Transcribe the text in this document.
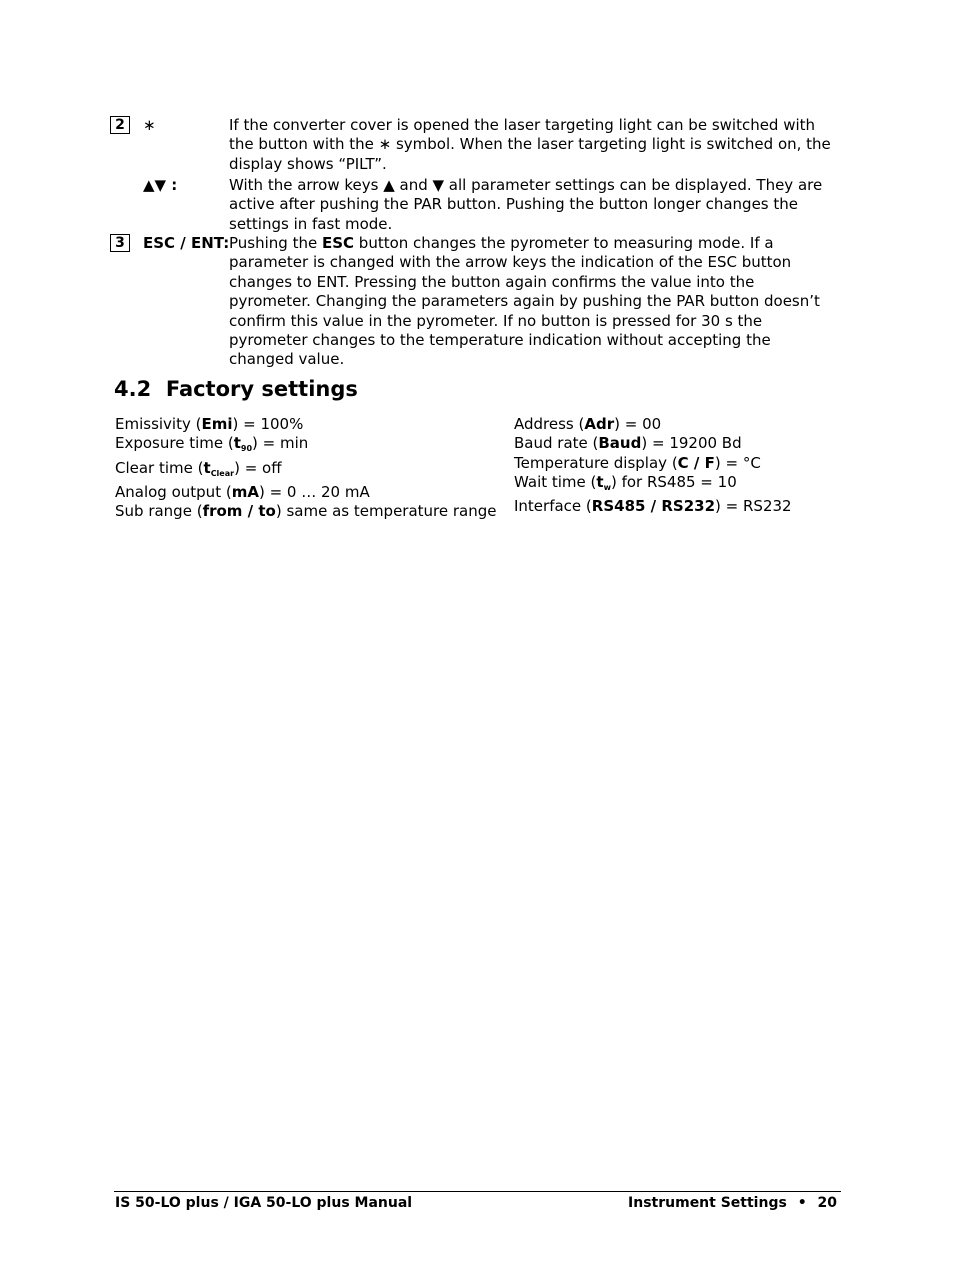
2	∗	If the converter cover is opened the laser targeting light can be switched with
the button with the ∗ symbol. When the laser targeting light is switched on, the
display shows “PILT”.
▲▼ :	With the arrow keys ▲ and ▼ all parameter settings can be displayed. They are
active after pushing the PAR button. Pushing the button longer changes the
settings in fast mode.
3	ESC / ENT: Pushing the ESC button changes the pyrometer to measuring mode. If a
parameter is changed with the arrow keys the indication of the ESC button
changes to ENT. Pressing the button again confirms the value into the
pyrometer. Changing the parameters again by pushing the PAR button doesn’t
confirm this value in the pyrometer. If no button is pressed for 30 s the
pyrometer changes to the temperature indication without accepting the
changed value.
4.2 Factory settings
Emissivity (Emi) = 100%
Exposure time $(t_{90}) = \min$
Clear time $(t_{Clear})$ = off
Analog output (mA) = 0 … 20 mA
Sub range (from / to) same as temperature range
Address (Adr) = 00
Baud rate (Baud) = 19200 Bd
Temperature display (C / F) = °C
Wait time $(t_w)$ for RS485 = 10
Interface (RS485 / RS232) = RS232
IS 50-LO plus / IGA 50-LO plus Manual	Instrument Settings • 20
